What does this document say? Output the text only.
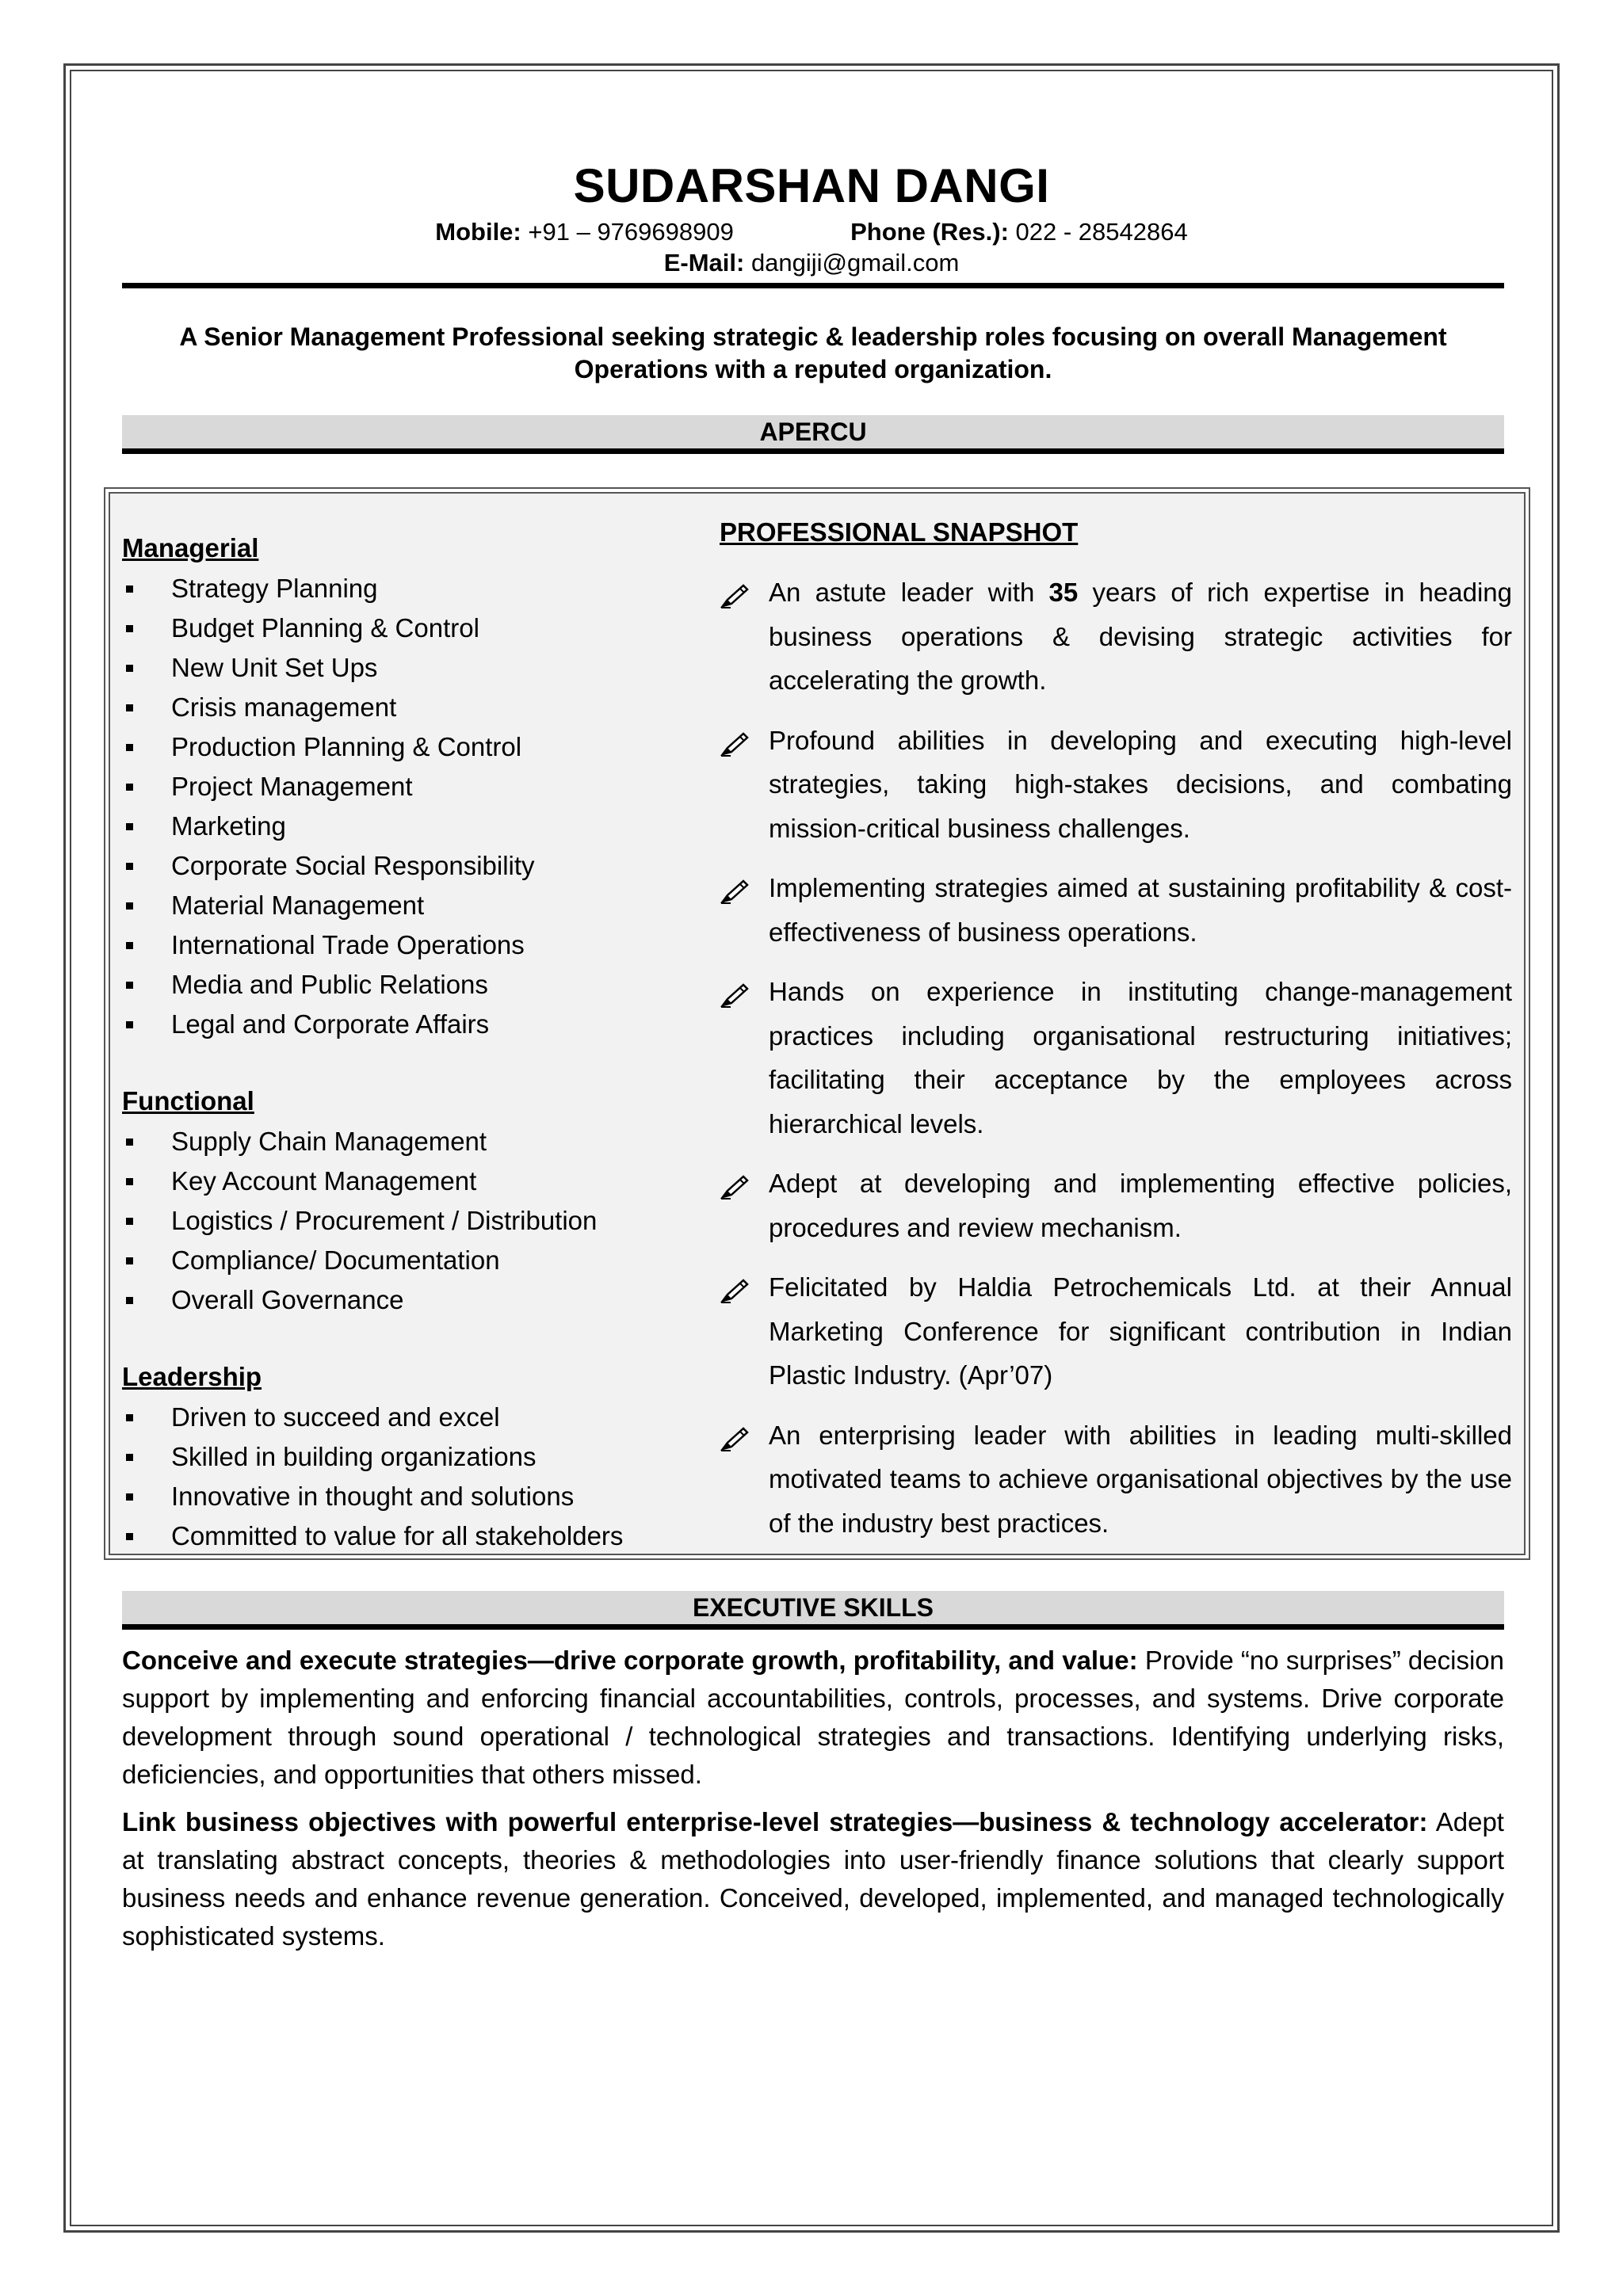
SUDARSHAN DANGI
Mobile: +91 – 9769698909	Phone (Res.): 022 - 28542864
E-Mail: dangiji@gmail.com
A Senior Management Professional seeking strategic & leadership roles focusing on overall Management Operations with a reputed organization.
APERCU
Managerial
Strategy Planning
Budget Planning & Control
New Unit Set Ups
Crisis management
Production Planning & Control
Project Management
Marketing
Corporate Social Responsibility
Material Management
International Trade Operations
Media and Public Relations
Legal and Corporate Affairs
Functional
Supply Chain Management
Key Account Management
Logistics / Procurement / Distribution
Compliance/ Documentation
Overall Governance
Leadership
Driven to succeed and excel
Skilled in building organizations
Innovative in thought and solutions
Committed to value for all stakeholders
PROFESSIONAL SNAPSHOT
An astute leader with 35 years of rich expertise in heading business operations & devising strategic activities for accelerating the growth.
Profound abilities in developing and executing high-level strategies, taking high-stakes decisions, and combating mission-critical business challenges.
Implementing strategies aimed at sustaining profitability & cost-effectiveness of business operations.
Hands on experience in instituting change-management practices including organisational restructuring initiatives; facilitating their acceptance by the employees across hierarchical levels.
Adept at developing and implementing effective policies, procedures and review mechanism.
Felicitated by Haldia Petrochemicals Ltd. at their Annual Marketing Conference for significant contribution in Indian Plastic Industry. (Apr’07)
An enterprising leader with abilities in leading multi-skilled motivated teams to achieve organisational objectives by the use of the industry best practices.
EXECUTIVE SKILLS

Conceive and execute strategies—drive corporate growth, profitability, and value: Provide “no surprises” decision support by implementing and enforcing financial accountabilities, controls, processes, and systems. Drive corporate development through sound operational / technological strategies and transactions. Identifying underlying risks, deficiencies, and opportunities that others missed.

Link business objectives with powerful enterprise-level strategies—business & technology accelerator: Adept at translating abstract concepts, theories & methodologies into user-friendly finance solutions that clearly support business needs and enhance revenue generation. Conceived, developed, implemented, and managed technologically sophisticated systems.
